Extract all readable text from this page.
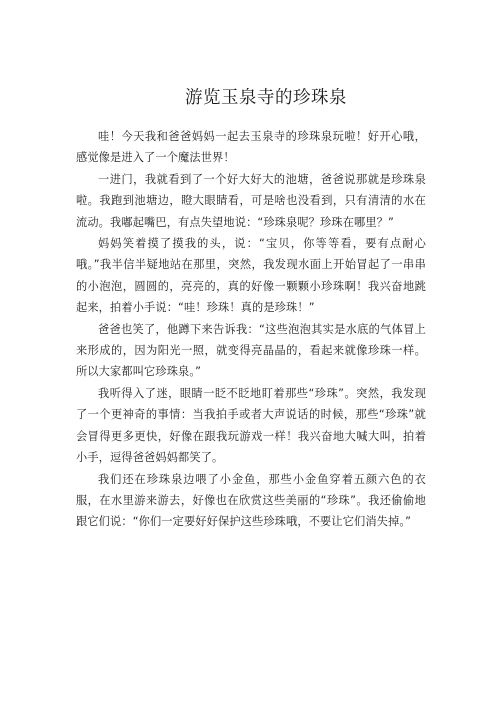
游览玉泉寺的珍珠泉

哇！今天我和爸爸妈妈一起去玉泉寺的珍珠泉玩啦！好开心哦，感觉像是进入了一个魔法世界！

一进门，我就看到了一个好大好大的池塘，爸爸说那就是珍珠泉啦。我跑到池塘边，瞪大眼睛看，可是啥也没看到，只有清清的水在流动。我嘟起嘴巴，有点失望地说：“珍珠泉呢？珍珠在哪里？”

妈妈笑着摸了摸我的头，说：“宝贝，你等等看，要有点耐心哦。”我半信半疑地站在那里，突然，我发现水面上开始冒起了一串串的小泡泡，圆圆的，亮亮的，真的好像一颗颗小珍珠啊！我兴奋地跳起来，拍着小手说：“哇！珍珠！真的是珍珠！”

爸爸也笑了，他蹲下来告诉我：“这些泡泡其实是水底的气体冒上来形成的，因为阳光一照，就变得亮晶晶的，看起来就像珍珠一样。所以大家都叫它珍珠泉。”

我听得入了迷，眼睛一眨不眨地盯着那些“珍珠”。突然，我发现了一个更神奇的事情：当我拍手或者大声说话的时候，那些“珍珠”就会冒得更多更快，好像在跟我玩游戏一样！我兴奋地大喊大叫，拍着小手，逗得爸爸妈妈都笑了。

我们还在珍珠泉边喂了小金鱼，那些小金鱼穿着五颜六色的衣服，在水里游来游去，好像也在欣赏这些美丽的“珍珠”。我还偷偷地跟它们说：“你们一定要好好保护这些珍珠哦，不要让它们消失掉。”
